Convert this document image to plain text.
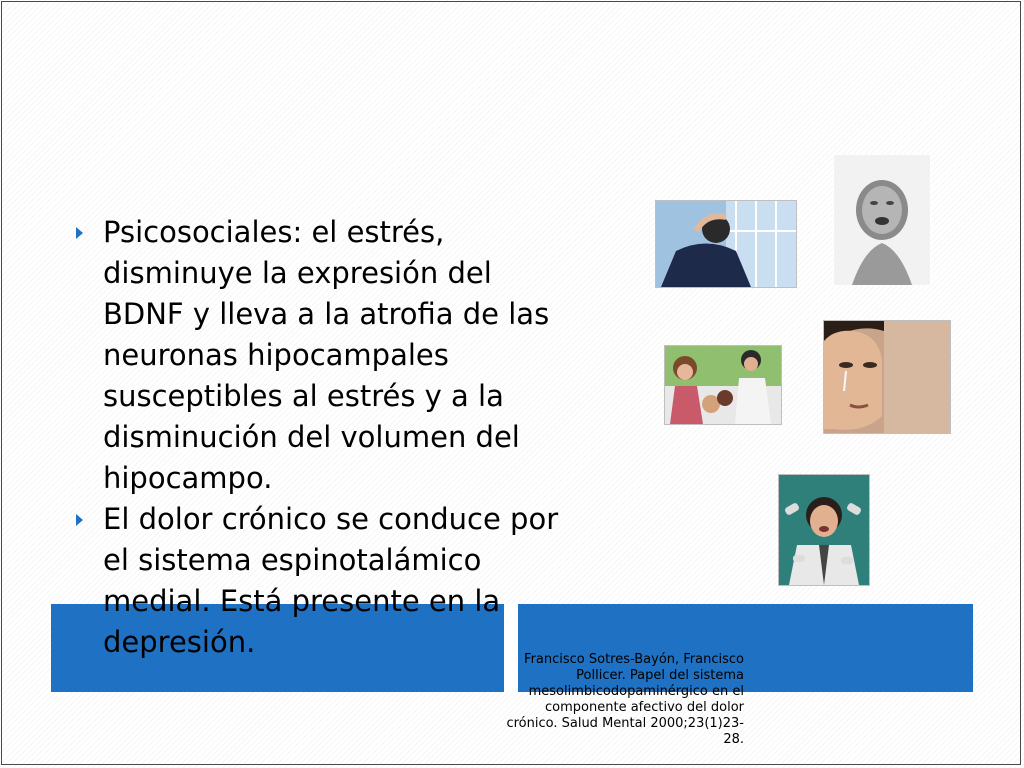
Psicosociales: el estrés, disminuye la expresión del BDNF y lleva a la atrofia de las neuronas hipocampales susceptibles al estrés y a la disminución del volumen del hipocampo.
El dolor crónico se conduce por el sistema espinotalámico medial. Está presente en la depresión.
Francisco Sotres-Bayón, Francisco Pollicer. Papel del sistema mesolimbicodopaminérgico en el componente afectivo del dolor crónico. Salud Mental 2000;23(1)23-28.
